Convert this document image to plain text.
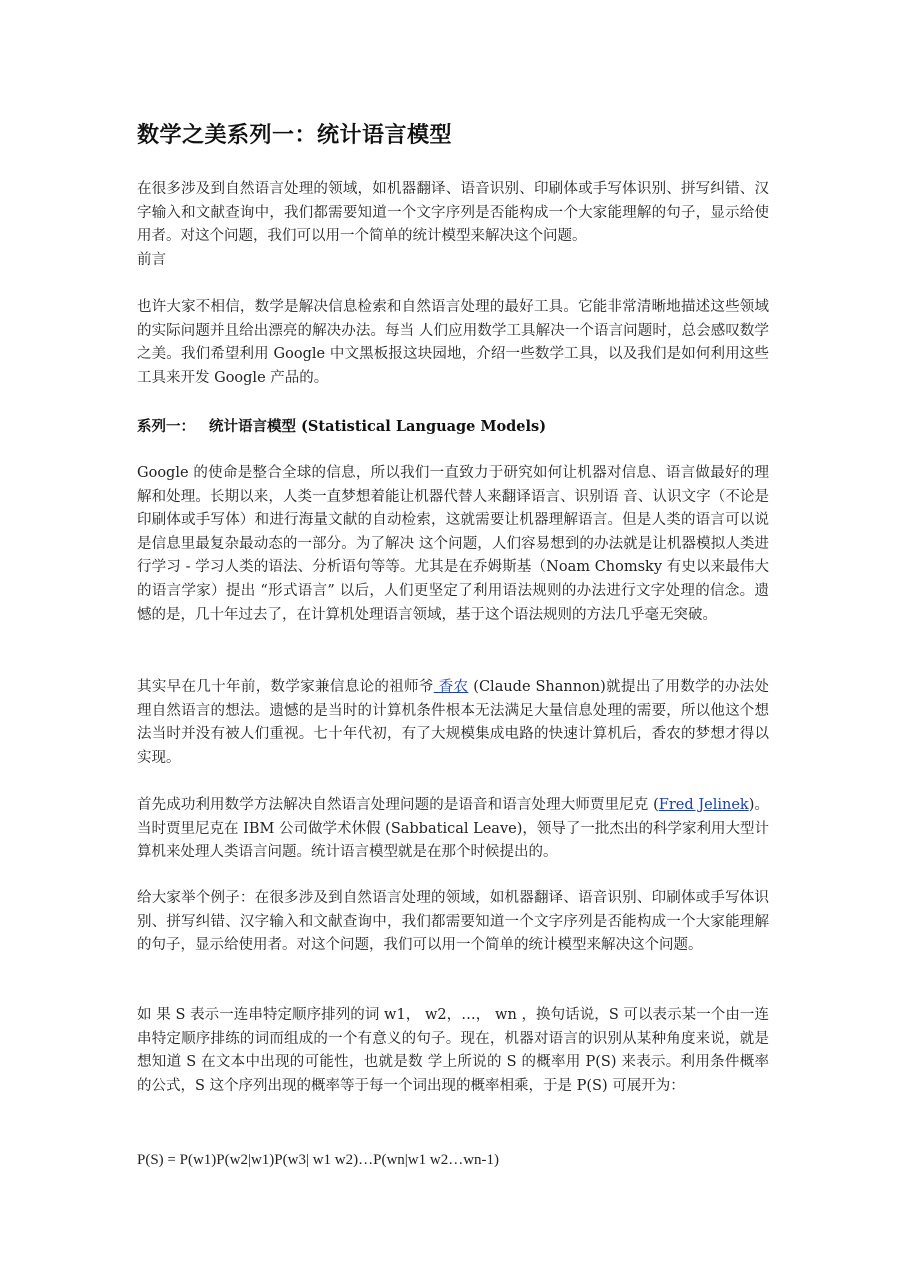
数学之美系列一：统计语言模型

在很多涉及到自然语言处理的领域，如机器翻译、语音识别、印刷体或手写体识别、拼写纠错、汉字输入和文献查询中，我们都需要知道一个文字序列是否能构成一个大家能理解的句子，显示给使用者。对这个问题，我们可以用一个简单的统计模型来解决这个问题。

前言

也许大家不相信，数学是解决信息检索和自然语言处理的最好工具。它能非常清晰地描述这些领域的实际问题并且给出漂亮的解决办法。每当 人们应用数学工具解决一个语言问题时，总会感叹数学之美。我们希望利用 Google 中文黑板报这块园地，介绍一些数学工具，以及我们是如何利用这些工具来开发 Google 产品的。

系列一： 统计语言模型 (Statistical Language Models)

Google 的使命是整合全球的信息，所以我们一直致力于研究如何让机器对信息、语言做最好的理解和处理。长期以来，人类一直梦想着能让机器代替人来翻译语言、识别语 音、认识文字（不论是印刷体或手写体）和进行海量文献的自动检索，这就需要让机器理解语言。但是人类的语言可以说是信息里最复杂最动态的一部分。为了解决 这个问题，人们容易想到的办法就是让机器模拟人类进行学习 - 学习人类的语法、分析语句等等。尤其是在乔姆斯基（Noam Chomsky 有史以来最伟大的语言学家）提出 “形式语言” 以后，人们更坚定了利用语法规则的办法进行文字处理的信念。遗憾的是，几十年过去了，在计算机处理语言领域，基于这个语法规则的方法几乎毫无突破。

其实早在几十年前，数学家兼信息论的祖师爷 香农 (Claude Shannon)就提出了用数学的办法处理自然语言的想法。遗憾的是当时的计算机条件根本无法满足大量信息处理的需要，所以他这个想法当时并没有被人们重视。七十年代初，有了大规模集成电路的快速计算机后，香农的梦想才得以实现。

首先成功利用数学方法解决自然语言处理问题的是语音和语言处理大师贾里尼克 (Fred Jelinek)。当时贾里尼克在 IBM 公司做学术休假 (Sabbatical Leave)，领导了一批杰出的科学家利用大型计算机来处理人类语言问题。统计语言模型就是在那个时候提出的。

给大家举个例子：在很多涉及到自然语言处理的领域，如机器翻译、语音识别、印刷体或手写体识别、拼写纠错、汉字输入和文献查询中，我们都需要知道一个文字序列是否能构成一个大家能理解的句子，显示给使用者。对这个问题，我们可以用一个简单的统计模型来解决这个问题。

如 果 S 表示一连串特定顺序排列的词 w1， w2，…， wn ，换句话说，S 可以表示某一个由一连串特定顺序排练的词而组成的一个有意义的句子。现在，机器对语言的识别从某种角度来说，就是想知道 S 在文本中出现的可能性，也就是数 学上所说的 S 的概率用 P(S) 来表示。利用条件概率的公式，S 这个序列出现的概率等于每一个词出现的概率相乘，于是 P(S) 可展开为：

P(S) = P(w1)P(w2|w1)P(w3| w1 w2)…P(wn|w1 w2…wn-1)
